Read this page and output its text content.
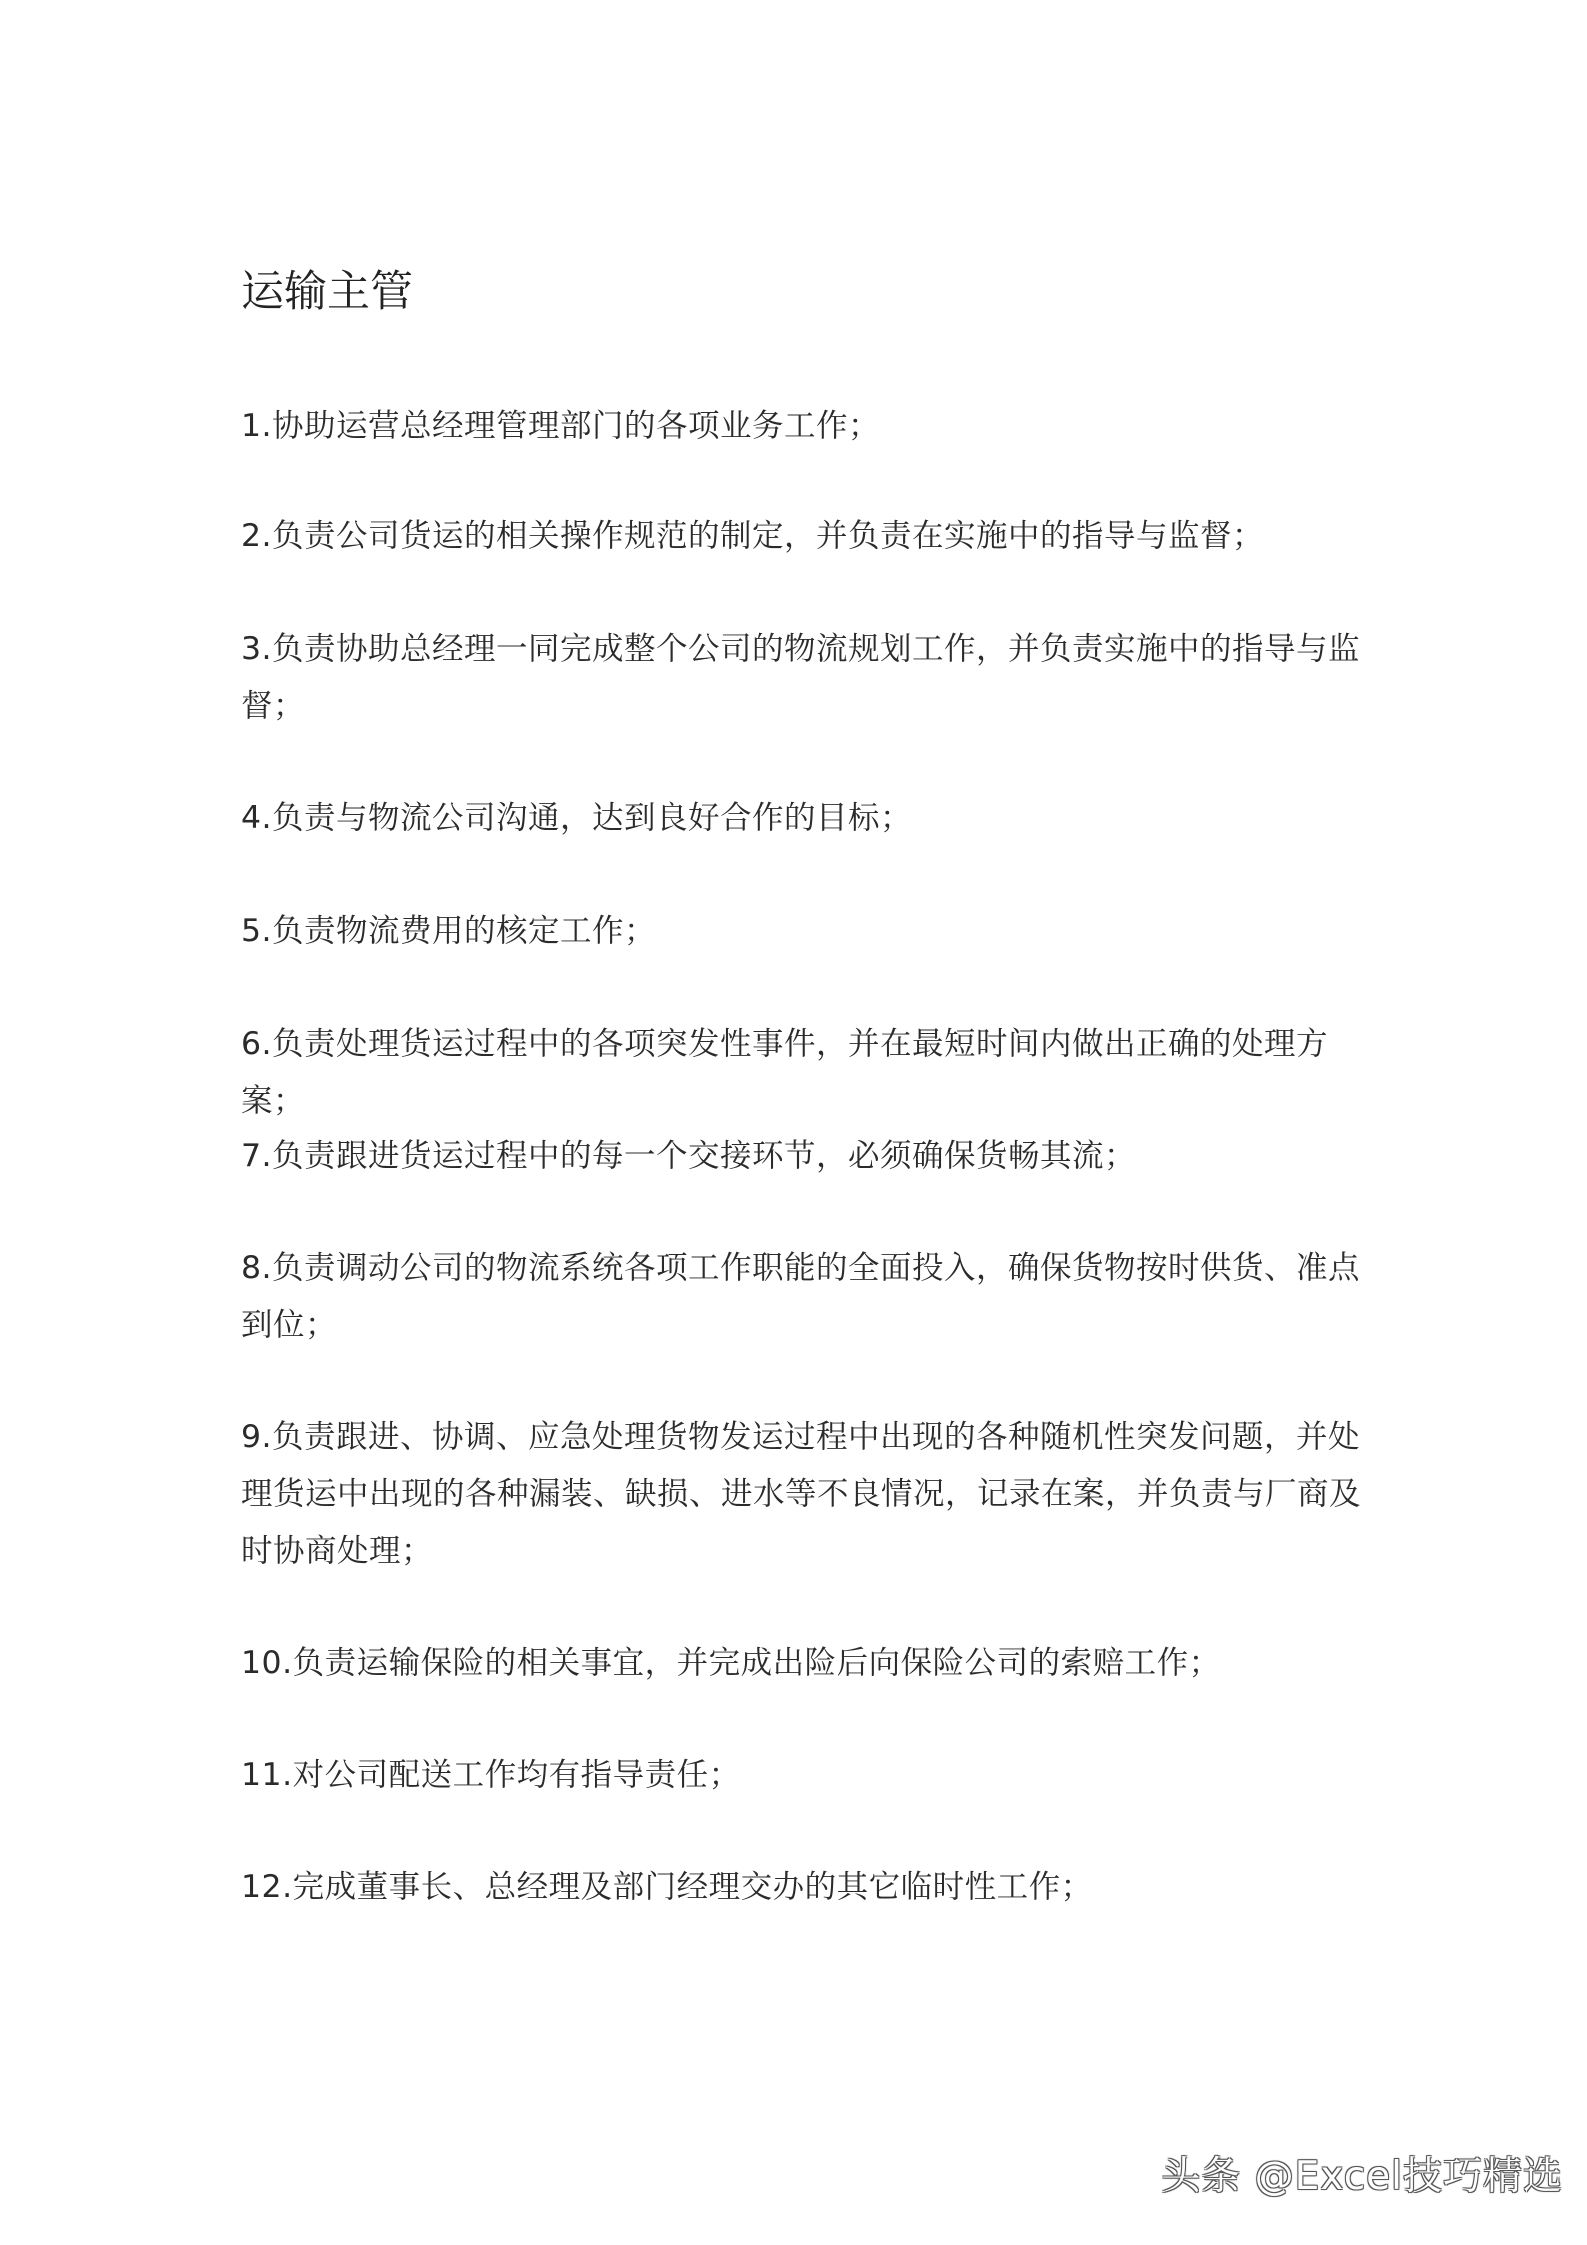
运输主管

1.协助运营总经理管理部门的各项业务工作；

2.负责公司货运的相关操作规范的制定，并负责在实施中的指导与监督；

3.负责协助总经理一同完成整个公司的物流规划工作，并负责实施中的指导与监督；

4.负责与物流公司沟通，达到良好合作的目标；

5.负责物流费用的核定工作；

6.负责处理货运过程中的各项突发性事件，并在最短时间内做出正确的处理方案；

7.负责跟进货运过程中的每一个交接环节，必须确保货畅其流；

8.负责调动公司的物流系统各项工作职能的全面投入，确保货物按时供货、准点到位；

9.负责跟进、协调、应急处理货物发运过程中出现的各种随机性突发问题，并处理货运中出现的各种漏装、缺损、进水等不良情况，记录在案，并负责与厂商及时协商处理；

10.负责运输保险的相关事宜，并完成出险后向保险公司的索赔工作；

11.对公司配送工作均有指导责任；

12.完成董事长、总经理及部门经理交办的其它临时性工作；

头条 @Excel技巧精选
